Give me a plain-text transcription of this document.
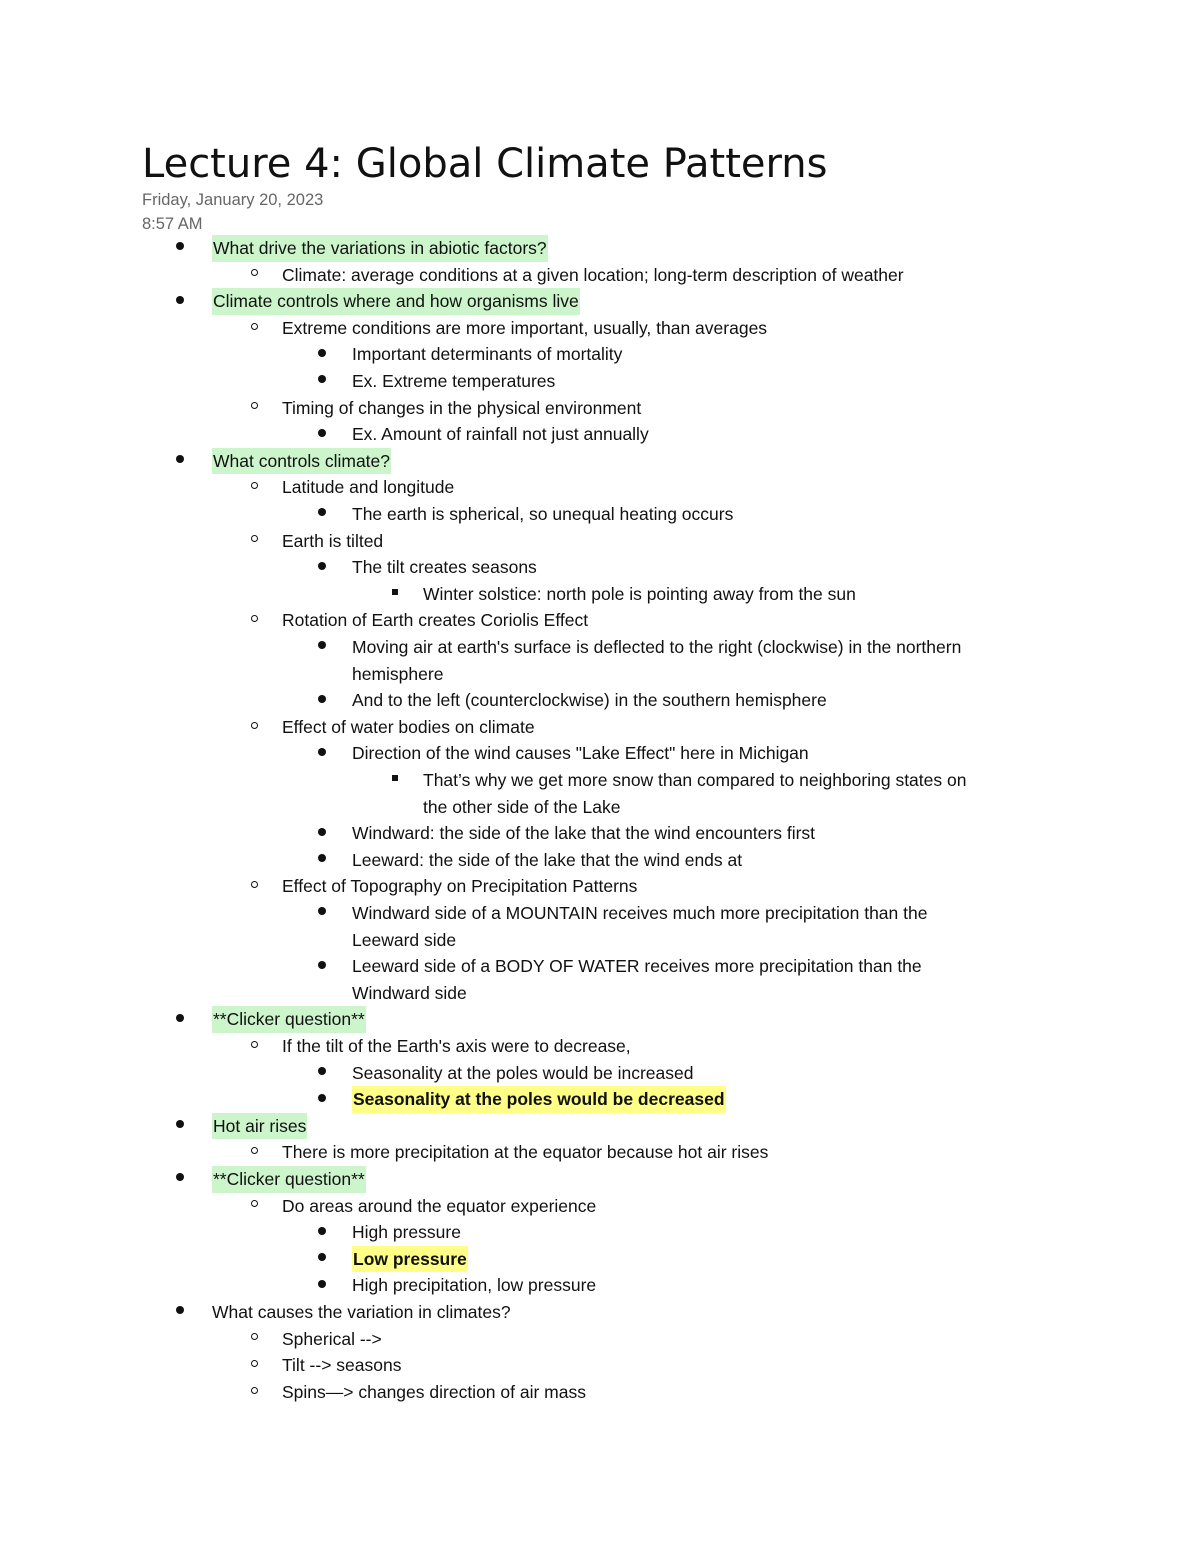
Lecture 4: Global Climate Patterns
Friday, January 20, 2023
8:57 AM
What drive the variations in abiotic factors?
Climate: average conditions at a given location; long-term description of weather
Climate controls where and how organisms live
Extreme conditions are more important, usually, than averages
Important determinants of mortality
Ex. Extreme temperatures
Timing of changes in the physical environment
Ex. Amount of rainfall not just annually
What controls climate?
Latitude and longitude
The earth is spherical, so unequal heating occurs
Earth is tilted
The tilt creates seasons
Winter solstice: north pole is pointing away from the sun
Rotation of Earth creates Coriolis Effect
Moving air at earth's surface is deflected to the right (clockwise) in the northern
hemisphere
And to the left (counterclockwise) in the southern hemisphere
Effect of water bodies on climate
Direction of the wind causes "Lake Effect" here in Michigan
That’s why we get more snow than compared to neighboring states on
the other side of the Lake
Windward: the side of the lake that the wind encounters first
Leeward: the side of the lake that the wind ends at
Effect of Topography on Precipitation Patterns
Windward side of a MOUNTAIN receives much more precipitation than the
Leeward side
Leeward side of a BODY OF WATER receives more precipitation than the
Windward side
**Clicker question**
If the tilt of the Earth's axis were to decrease,
Seasonality at the poles would be increased
Seasonality at the poles would be decreased
Hot air rises
There is more precipitation at the equator because hot air rises
**Clicker question**
Do areas around the equator experience
High pressure
Low pressure
High precipitation, low pressure
What causes the variation in climates?
Spherical -->
Tilt --> seasons
Spins—> changes direction of air mass
